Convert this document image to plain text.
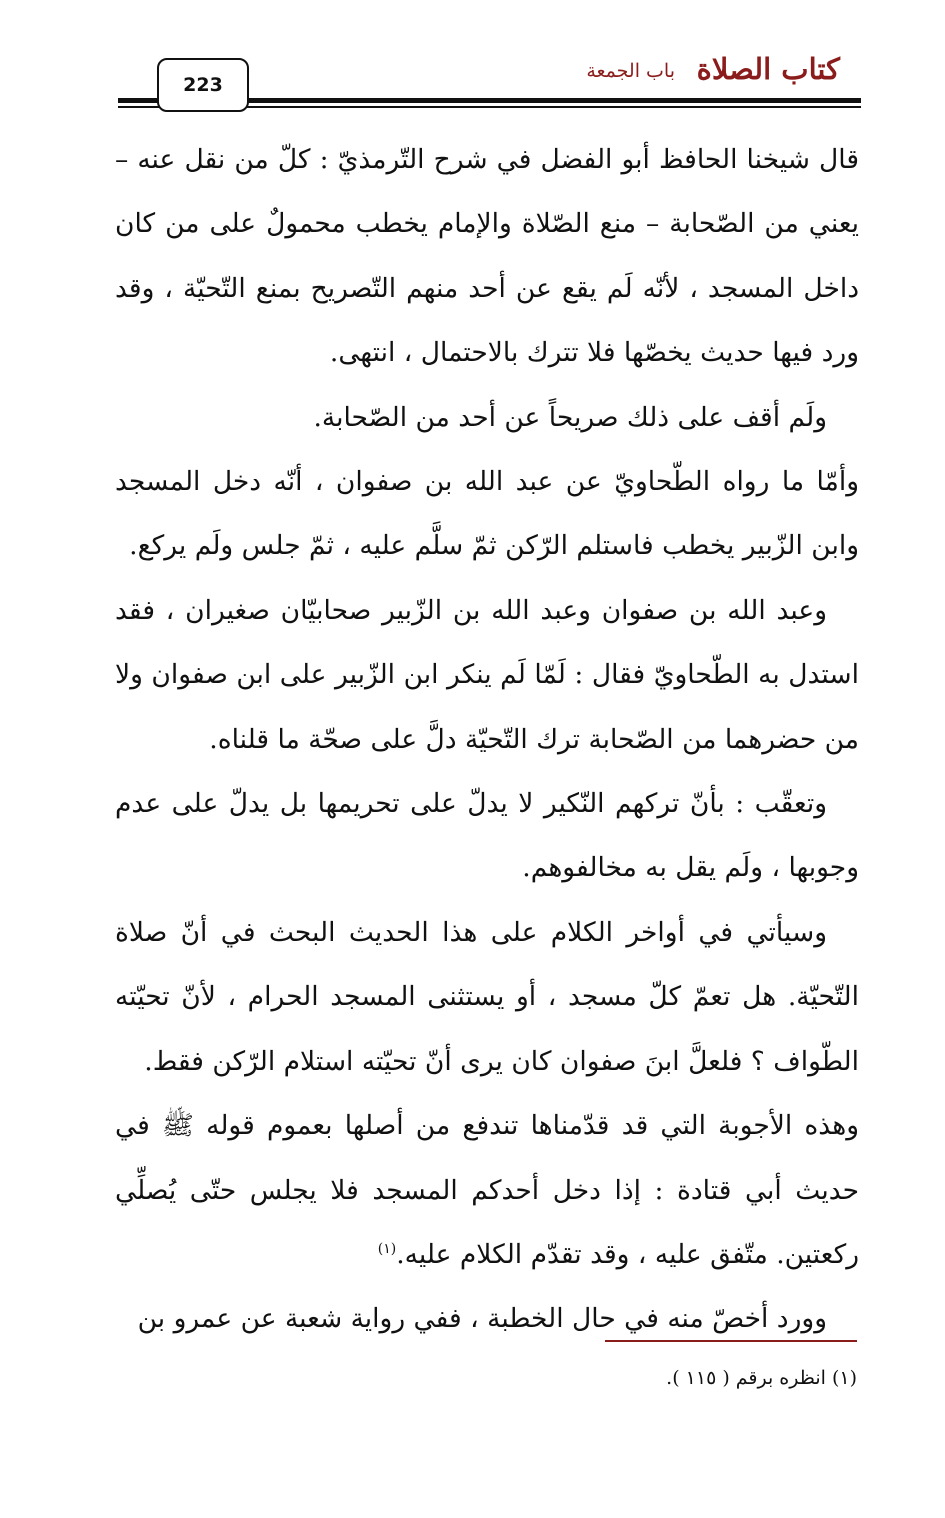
كتاب الصلاة
باب الجمعة
223

قال شيخنا الحافظ أبو الفضل في شرح التّرمذيّ : كلّ من نقل عنه – يعني من الصّحابة – منع الصّلاة والإمام يخطب محمولٌ على من كان داخل المسجد ، لأنّه لَم يقع عن أحد منهم التّصريح بمنع التّحيّة ، وقد ورد فيها حديث يخصّها فلا تترك بالاحتمال ، انتهى.

ولَم أقف على ذلك صريحاً عن أحد من الصّحابة.

وأمّا ما رواه الطّحاويّ عن عبد الله بن صفوان ، أنّه دخل المسجد وابن الزّبير يخطب فاستلم الرّكن ثمّ سلَّم عليه ، ثمّ جلس ولَم يركع.

وعبد الله بن صفوان وعبد الله بن الزّبير صحابيّان صغيران ، فقد استدل به الطّحاويّ فقال : لَمّا لَم ينكر ابن الزّبير على ابن صفوان ولا من حضرهما من الصّحابة ترك التّحيّة دلَّ على صحّة ما قلناه.

وتعقّب : بأنّ تركهم النّكير لا يدلّ على تحريمها بل يدلّ على عدم وجوبها ، ولَم يقل به مخالفوهم.

وسيأتي في أواخر الكلام على هذا الحديث البحث في أنّ صلاة التّحيّة. هل تعمّ كلّ مسجد ، أو يستثنى المسجد الحرام ، لأنّ تحيّته الطّواف ؟ فلعلَّ ابنَ صفوان كان يرى أنّ تحيّته استلام الرّكن فقط.

وهذه الأجوبة التي قد قدّمناها تندفع من أصلها بعموم قوله ﷺ في حديث أبي قتادة : إذا دخل أحدكم المسجد فلا يجلس حتّى يُصلِّي ركعتين. متّفق عليه ، وقد تقدّم الكلام عليه.$^{(١)}$

وورد أخصّ منه في حال الخطبة ، ففي رواية شعبة عن عمرو بن

(١) انظره برقم ( ١١٥ ).
